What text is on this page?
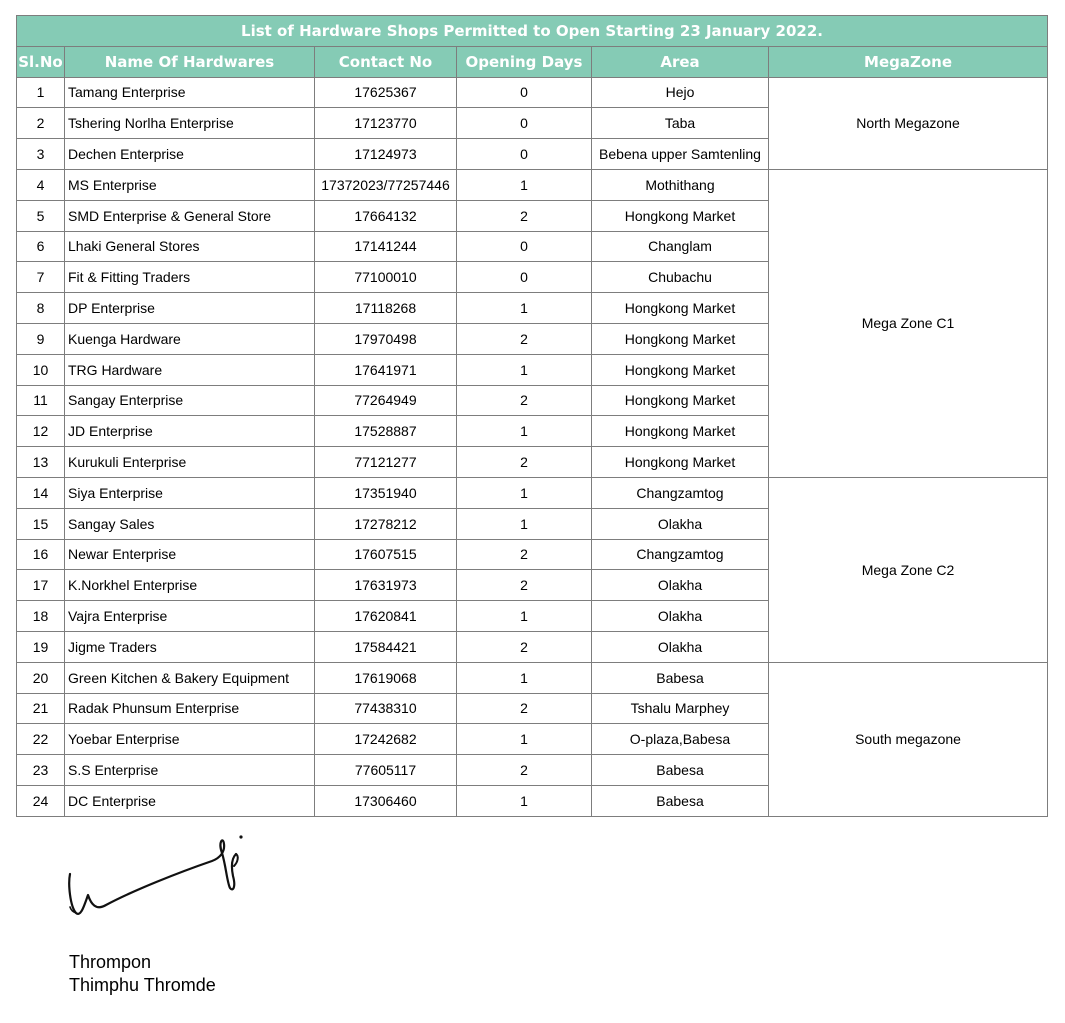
List of Hardware Shops Permitted to Open Starting 23 January 2022.					
Sl.No	Name Of Hardwares	Contact No	Opening Days	Area	MegaZone
1	Tamang Enterprise	17625367	0	Hejo	North Megazone
2	Tshering Norlha Enterprise	17123770	0	Taba	
3	Dechen Enterprise	17124973	0	Bebena upper Samtenling	
4	MS Enterprise	17372023/77257446	1	Mothithang	Mega Zone C1
5	SMD Enterprise & General Store	17664132	2	Hongkong Market	
6	Lhaki General Stores	17141244	0	Changlam	
7	Fit & Fitting Traders	77100010	0	Chubachu	
8	DP Enterprise	17118268	1	Hongkong Market	
9	Kuenga Hardware	17970498	2	Hongkong Market	
10	TRG Hardware	17641971	1	Hongkong Market	
11	Sangay Enterprise	77264949	2	Hongkong Market	
12	JD Enterprise	17528887	1	Hongkong Market	
13	Kurukuli Enterprise	77121277	2	Hongkong Market	
14	Siya Enterprise	17351940	1	Changzamtog	Mega Zone C2
15	Sangay Sales	17278212	1	Olakha	
16	Newar Enterprise	17607515	2	Changzamtog	
17	K.Norkhel Enterprise	17631973	2	Olakha	
18	Vajra Enterprise	17620841	1	Olakha	
19	Jigme Traders	17584421	2	Olakha	
20	Green Kitchen & Bakery Equipment	17619068	1	Babesa	South megazone
21	Radak Phunsum Enterprise	77438310	2	Tshalu Marphey	
22	Yoebar Enterprise	17242682	1	O-plaza,Babesa	
23	S.S Enterprise	77605117	2	Babesa	
24	DC Enterprise	17306460	1	Babesa	
Thrompon
Thimphu Thromde
